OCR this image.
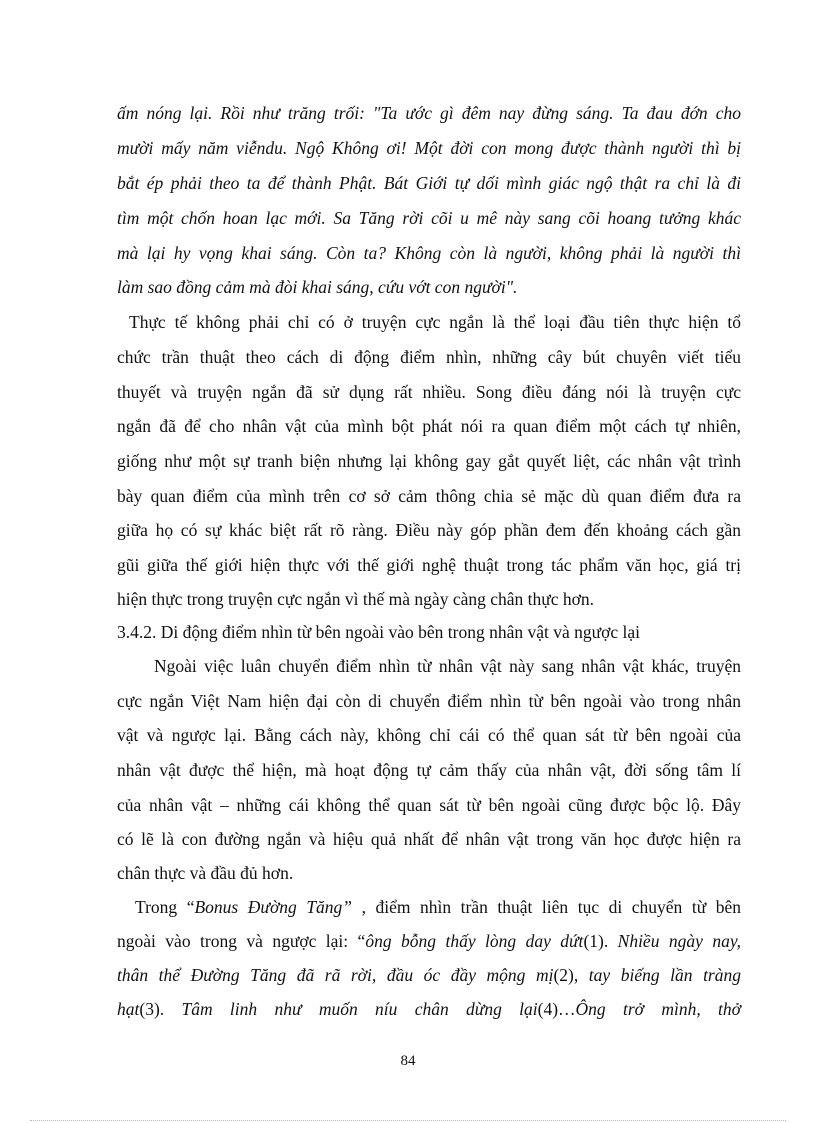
ấm nóng lại. Rồi như trăng trối: "Ta ước gì đêm nay đừng sáng. Ta đau đớn cho
mười mấy năm viễndu. Ngộ Không ơi! Một đời con mong được thành người thì bị
bắt ép phải theo ta để thành Phật. Bát Giới tự dối mình giác ngộ thật ra chỉ là đi
tìm một chốn hoan lạc mới. Sa Tăng rời cõi u mê này sang cõi hoang tưởng khác
mà lại hy vọng khai sáng. Còn ta? Không còn là người, không phải là người thì
làm sao đồng cảm mà đòi khai sáng, cứu vớt con người".
Thực tế không phải chỉ có ở truyện cực ngắn là thể loại đầu tiên thực hiện tổ
chức trần thuật theo cách di động điểm nhìn, những cây bút chuyên viết tiểu
thuyết và truyện ngắn đã sử dụng rất nhiều. Song điều đáng nói là truyện cực
ngắn đã để cho nhân vật của mình bột phát nói ra quan điểm một cách tự nhiên,
giống như một sự tranh biện nhưng lại không gay gắt quyết liệt, các nhân vật trình
bày quan điểm của mình trên cơ sở cảm thông chia sẻ mặc dù quan điểm đưa ra
giữa họ có sự khác biệt rất rõ ràng. Điều này góp phần đem đến khoảng cách gần
gũi giữa thế giới hiện thực với thế giới nghệ thuật trong tác phẩm văn học, giá trị
hiện thực trong truyện cực ngắn vì thế mà ngày càng chân thực hơn.
3.4.2. Di động điểm nhìn từ bên ngoài vào bên trong nhân vật và ngược lại
Ngoài việc luân chuyển điểm nhìn từ nhân vật này sang nhân vật khác, truyện
cực ngắn Việt Nam hiện đại còn di chuyển điểm nhìn từ bên ngoài vào trong nhân
vật và ngược lại. Bằng cách này, không chỉ cái có thể quan sát từ bên ngoài của
nhân vật được thể hiện, mà hoạt động tự cảm thấy của nhân vật, đời sống tâm lí
của nhân vật – những cái không thể quan sát từ bên ngoài cũng được bộc lộ. Đây
có lẽ là con đường ngắn và hiệu quả nhất để nhân vật trong văn học được hiện ra
chân thực và đầu đủ hơn.
Trong “Bonus Đường Tăng” , điểm nhìn trần thuật liên tục di chuyển từ bên
ngoài vào trong và ngược lại: “ông bỗng thấy lòng day dứt(1). Nhiều ngày nay,
thân thể Đường Tăng đã rã rời, đầu óc đầy mộng mị(2), tay biếng lần tràng
hạt(3). Tâm linh như muốn níu chân dừng lại(4)…Ông trở mình, thở
84
